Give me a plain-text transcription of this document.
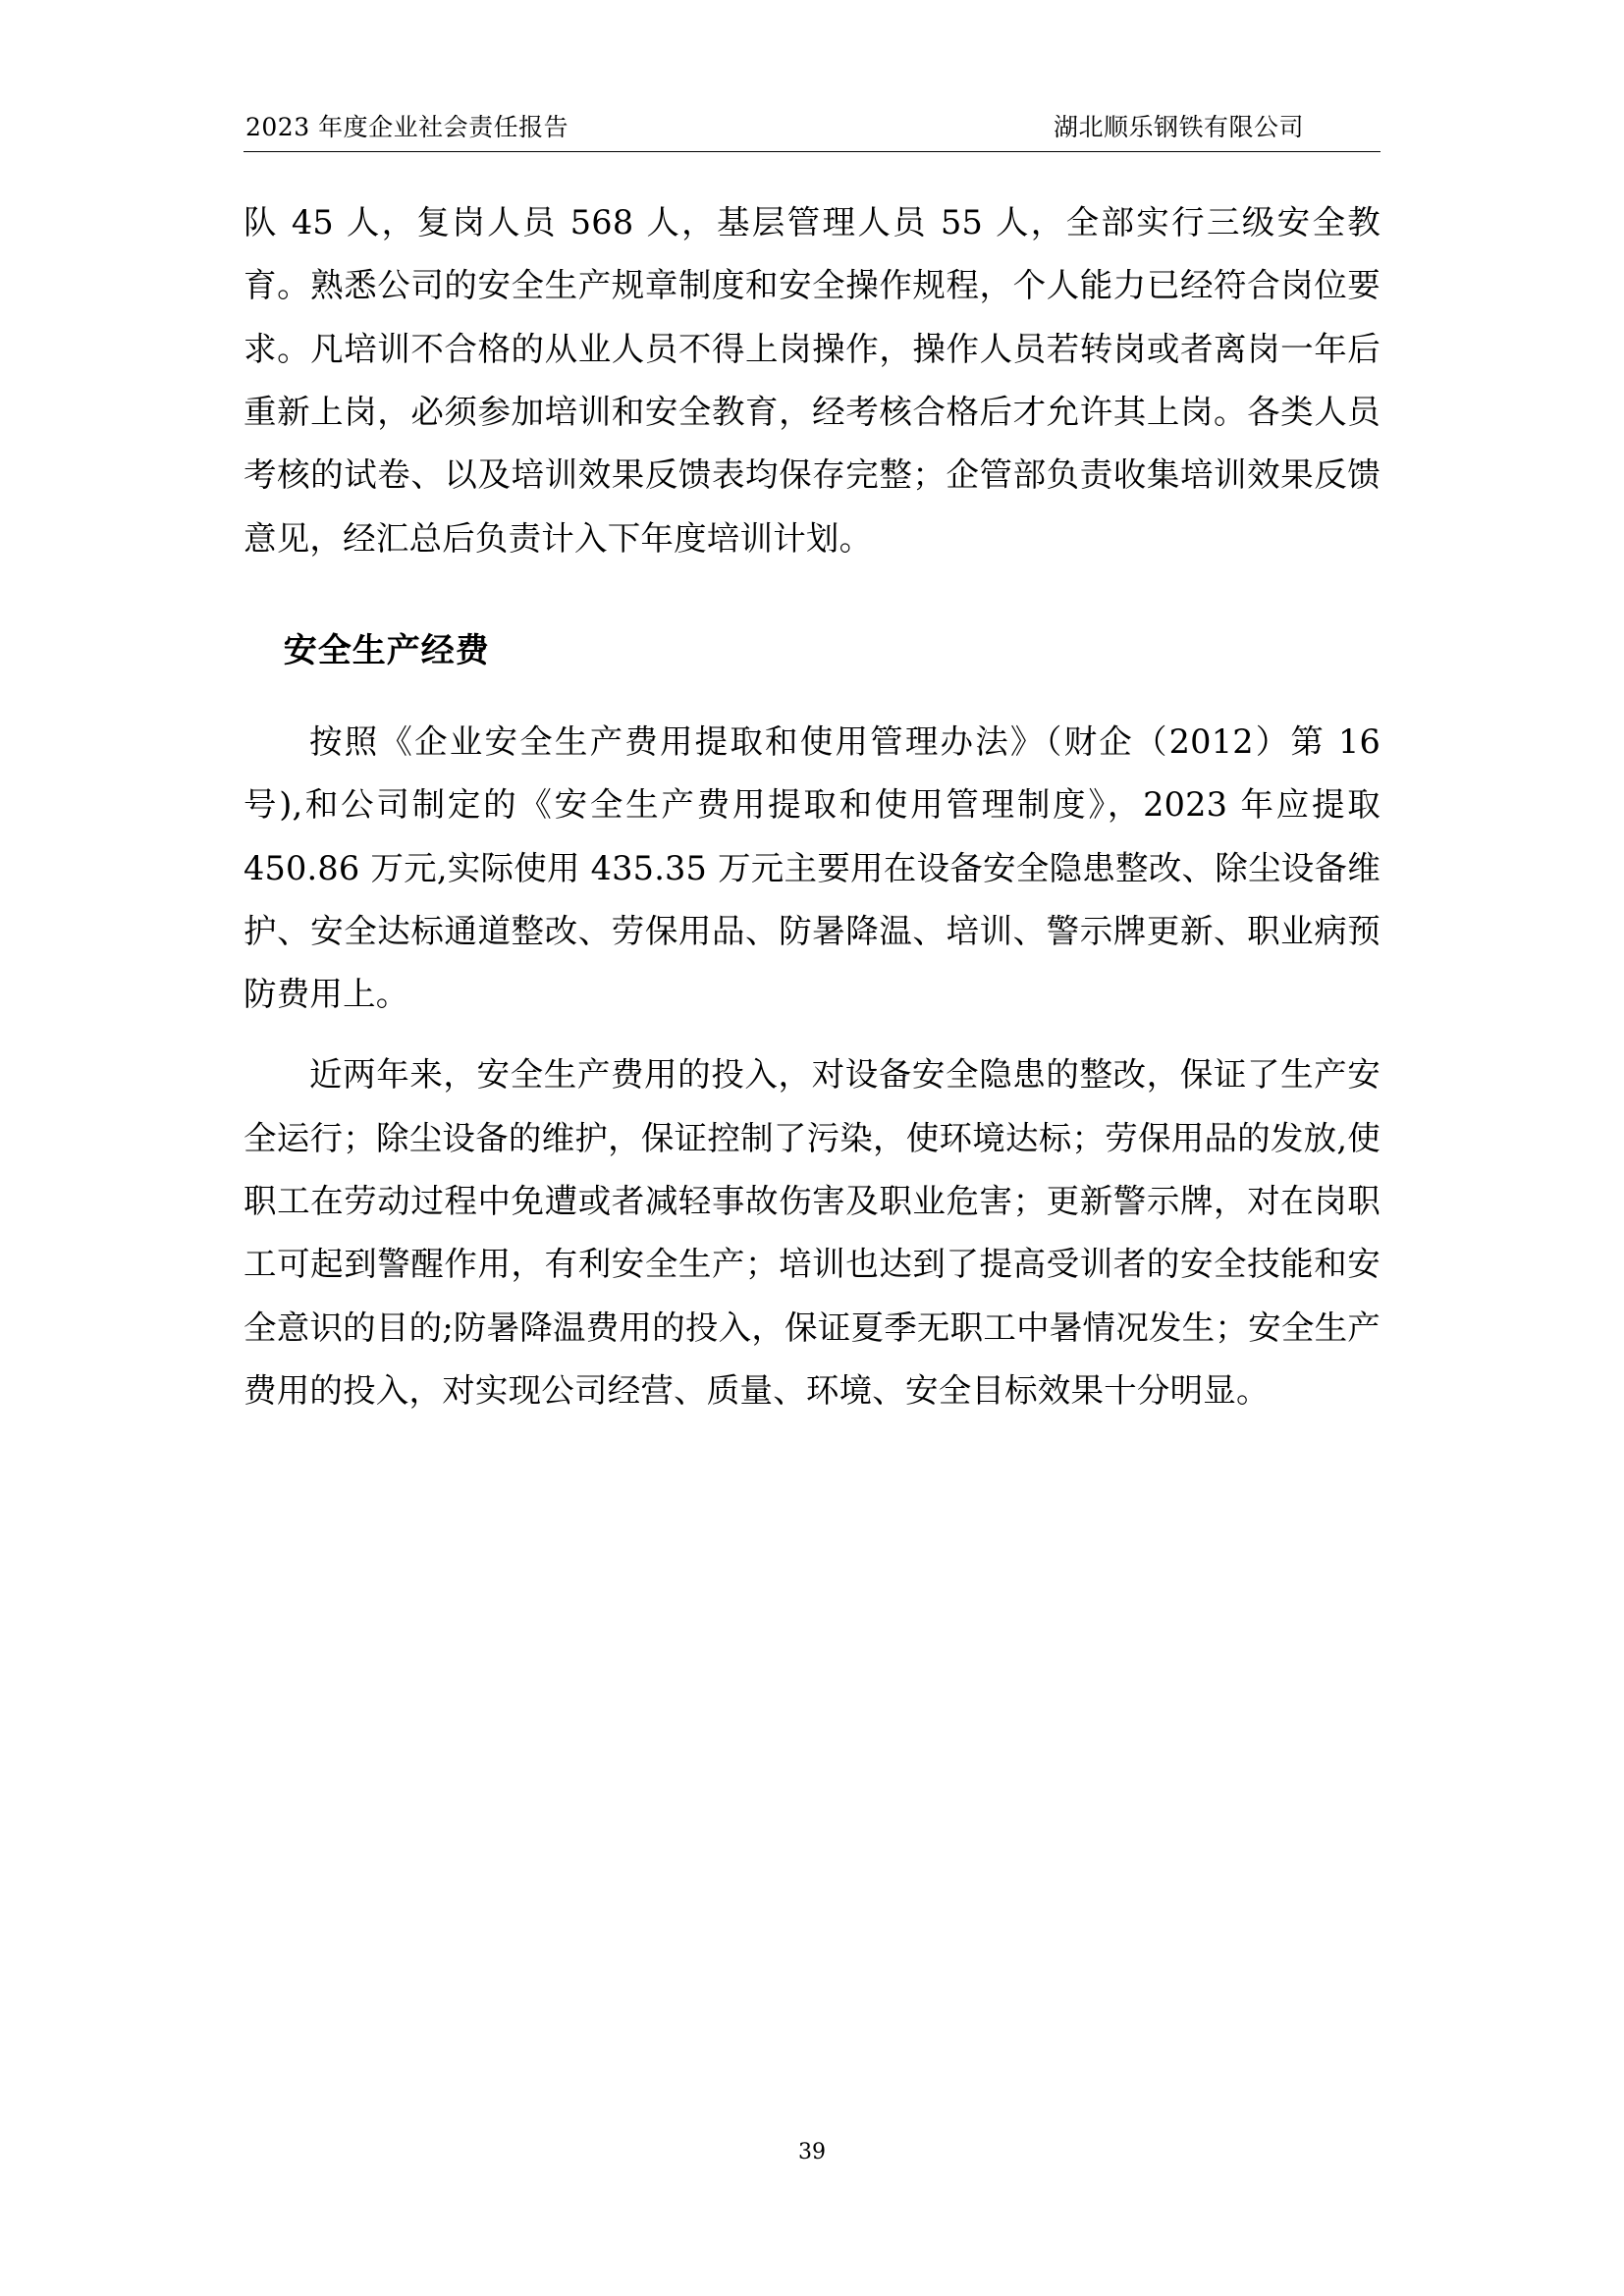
2023 年度企业社会责任报告	湖北顺乐钢铁有限公司

队 45 人，复岗人员 568 人，基层管理人员 55 人，全部实行三级安全教育。熟悉公司的安全生产规章制度和安全操作规程，个人能力已经符合岗位要求。凡培训不合格的从业人员不得上岗操作，操作人员若转岗或者离岗一年后重新上岗，必须参加培训和安全教育，经考核合格后才允许其上岗。各类人员考核的试卷、以及培训效果反馈表均保存完整；企管部负责收集培训效果反馈意见，经汇总后负责计入下年度培训计划。

安全生产经费

按照《企业安全生产费用提取和使用管理办法》（财企（2012）第 16 号),和公司制定的《安全生产费用提取和使用管理制度》，2023 年应提取 450.86 万元,实际使用 435.35 万元主要用在设备安全隐患整改、除尘设备维护、安全达标通道整改、劳保用品、防暑降温、培训、警示牌更新、职业病预防费用上。

近两年来，安全生产费用的投入，对设备安全隐患的整改，保证了生产安全运行；除尘设备的维护，保证控制了污染，使环境达标；劳保用品的发放,使职工在劳动过程中免遭或者减轻事故伤害及职业危害；更新警示牌，对在岗职工可起到警醒作用，有利安全生产；培训也达到了提高受训者的安全技能和安全意识的目的;防暑降温费用的投入，保证夏季无职工中暑情况发生；安全生产费用的投入，对实现公司经营、质量、环境、安全目标效果十分明显。

39
